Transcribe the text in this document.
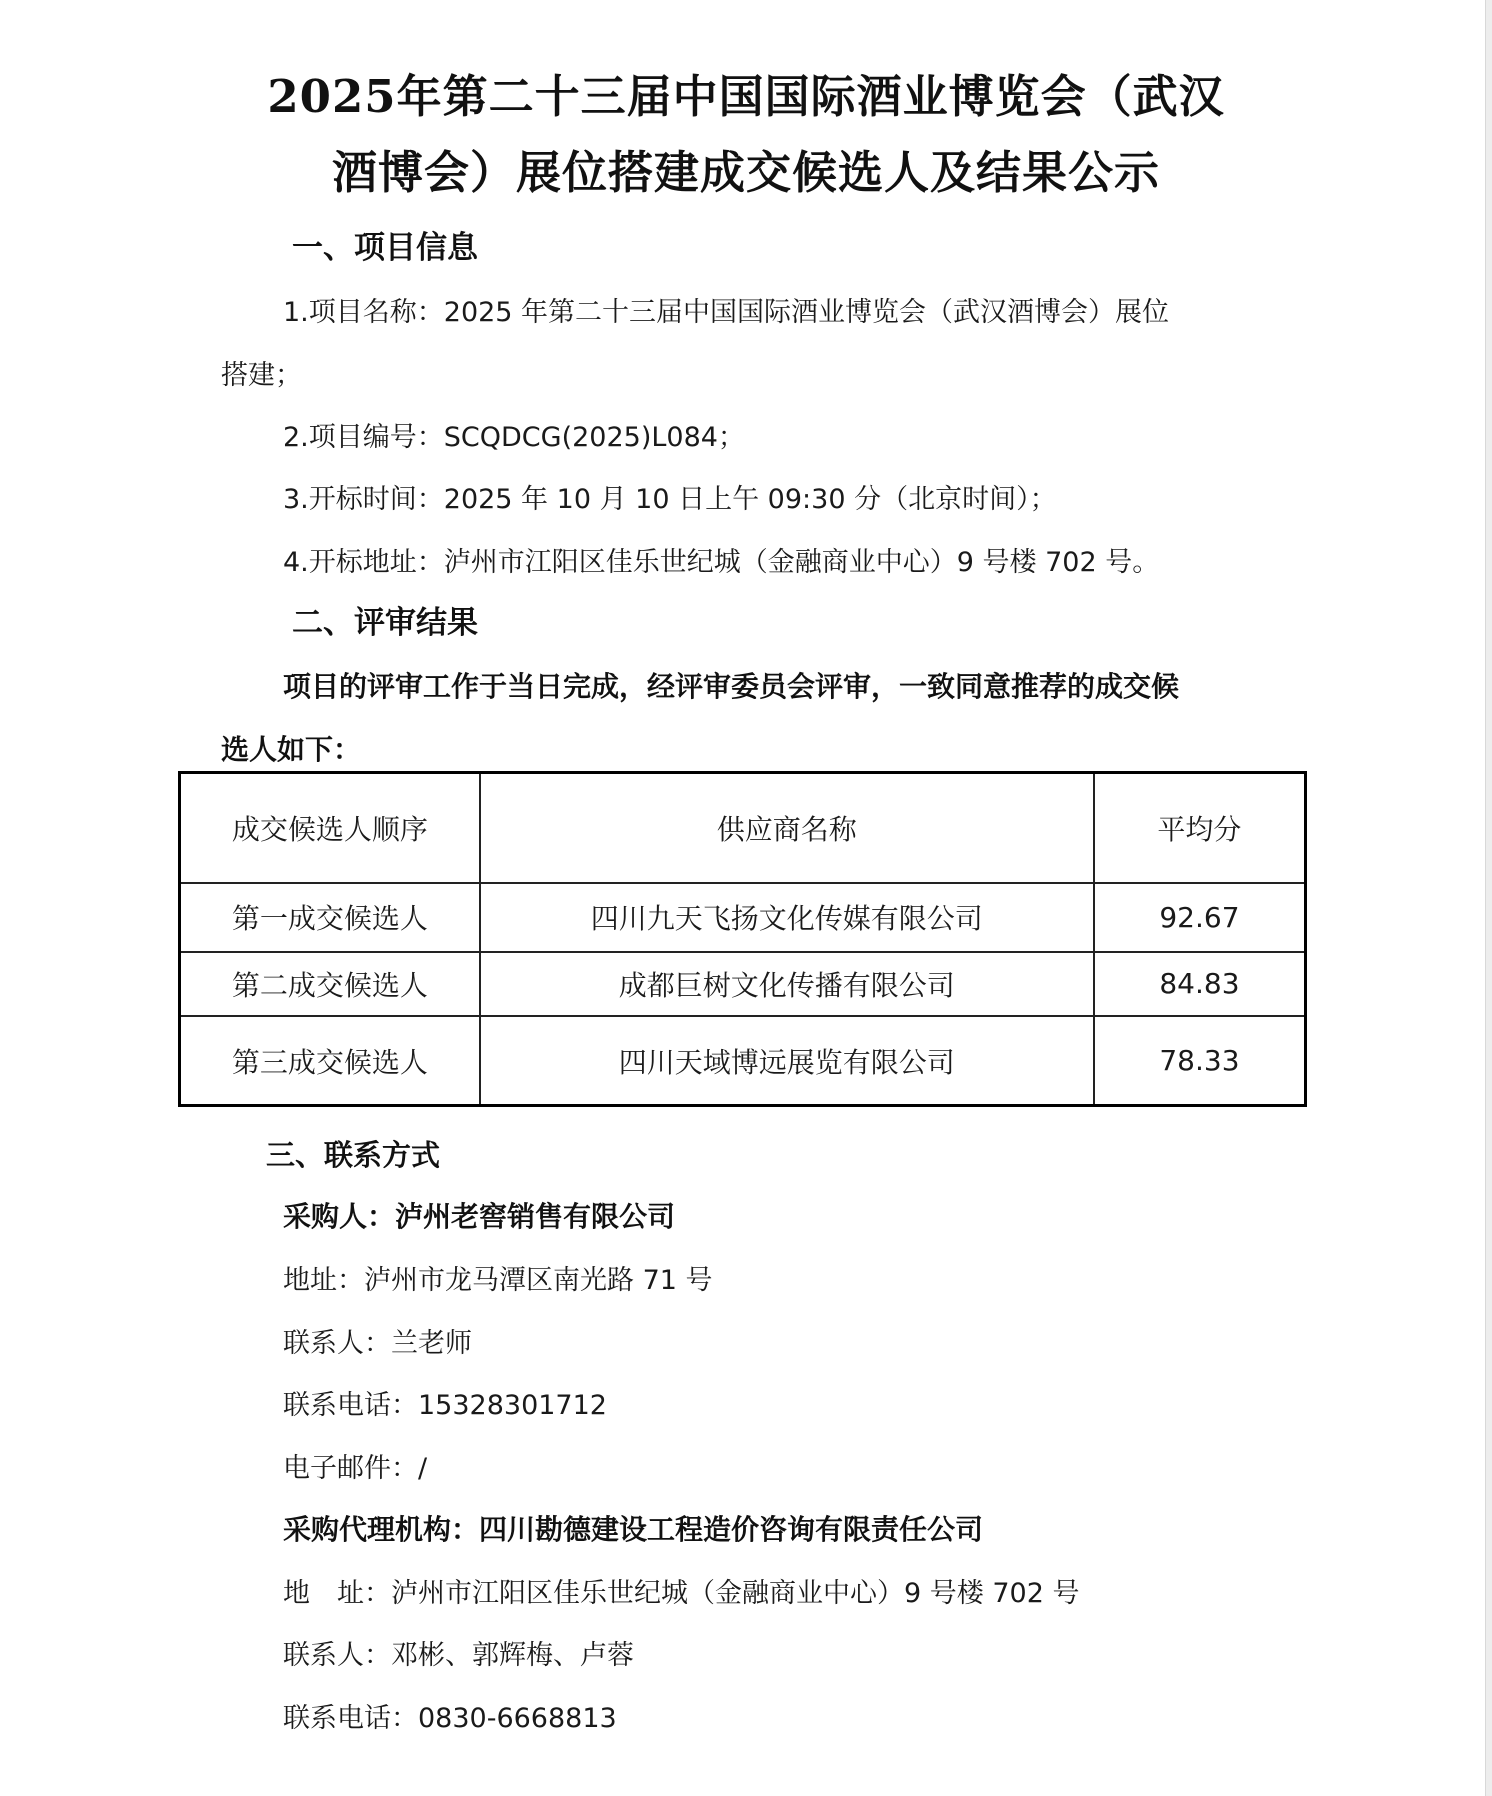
2025年第二十三届中国国际酒业博览会（武汉
酒博会）展位搭建成交候选人及结果公示
一、项目信息
1.项目名称：2025 年第二十三届中国国际酒业博览会（武汉酒博会）展位
搭建；
2.项目编号：SCQDCG(2025)L084；
3.开标时间：2025 年 10 月 10 日上午 09:30 分（北京时间）；
4.开标地址：泸州市江阳区佳乐世纪城（金融商业中心）9 号楼 702 号。
二、评审结果
项目的评审工作于当日完成，经评审委员会评审，一致同意推荐的成交候
选人如下：
成交候选人顺序	供应商名称	平均分
第一成交候选人	四川九天飞扬文化传媒有限公司	92.67
第二成交候选人	成都巨树文化传播有限公司	84.83
第三成交候选人	四川天域博远展览有限公司	78.33
三、联系方式
采购人：泸州老窖销售有限公司
地址：泸州市龙马潭区南光路 71 号
联系人：兰老师
联系电话：15328301712
电子邮件：/
采购代理机构：四川勘德建设工程造价咨询有限责任公司
地　址：泸州市江阳区佳乐世纪城（金融商业中心）9 号楼 702 号
联系人：邓彬、郭辉梅、卢蓉
联系电话：0830-6668813
